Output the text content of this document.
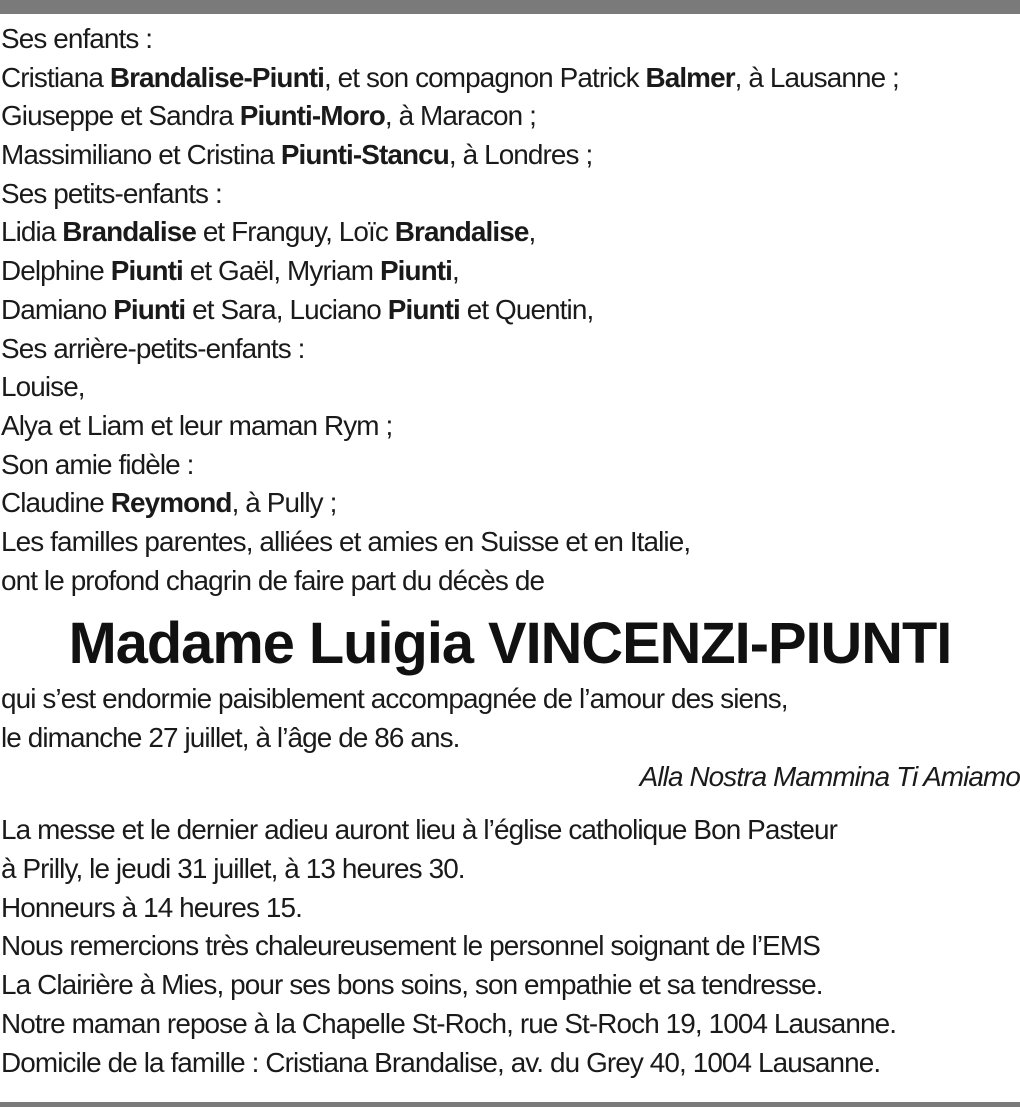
Ses enfants :
Cristiana Brandalise-Piunti, et son compagnon Patrick Balmer, à Lausanne ;
Giuseppe et Sandra Piunti-Moro, à Maracon ;
Massimiliano et Cristina Piunti-Stancu, à Londres ;
Ses petits-enfants :
Lidia Brandalise et Franguy, Loïc Brandalise,
Delphine Piunti et Gaël, Myriam Piunti,
Damiano Piunti et Sara, Luciano Piunti et Quentin,
Ses arrière-petits-enfants :
Louise,
Alya et Liam et leur maman Rym ;
Son amie fidèle :
Claudine Reymond, à Pully ;
Les familles parentes, alliées et amies en Suisse et en Italie,
ont le profond chagrin de faire part du décès de
Madame Luigia VINCENZI-PIUNTI
qui s’est endormie paisiblement accompagnée de l’amour des siens,
le dimanche 27 juillet, à l’âge de 86 ans.
Alla Nostra Mammina Ti Amiamo
La messe et le dernier adieu auront lieu à l’église catholique Bon Pasteur
à Prilly, le jeudi 31 juillet, à 13 heures 30.
Honneurs à 14 heures 15.
Nous remercions très chaleureusement le personnel soignant de l’EMS
La Clairière à Mies, pour ses bons soins, son empathie et sa tendresse.
Notre maman repose à la Chapelle St-Roch, rue St-Roch 19, 1004 Lausanne.
Domicile de la famille : Cristiana Brandalise, av. du Grey 40, 1004 Lausanne.
